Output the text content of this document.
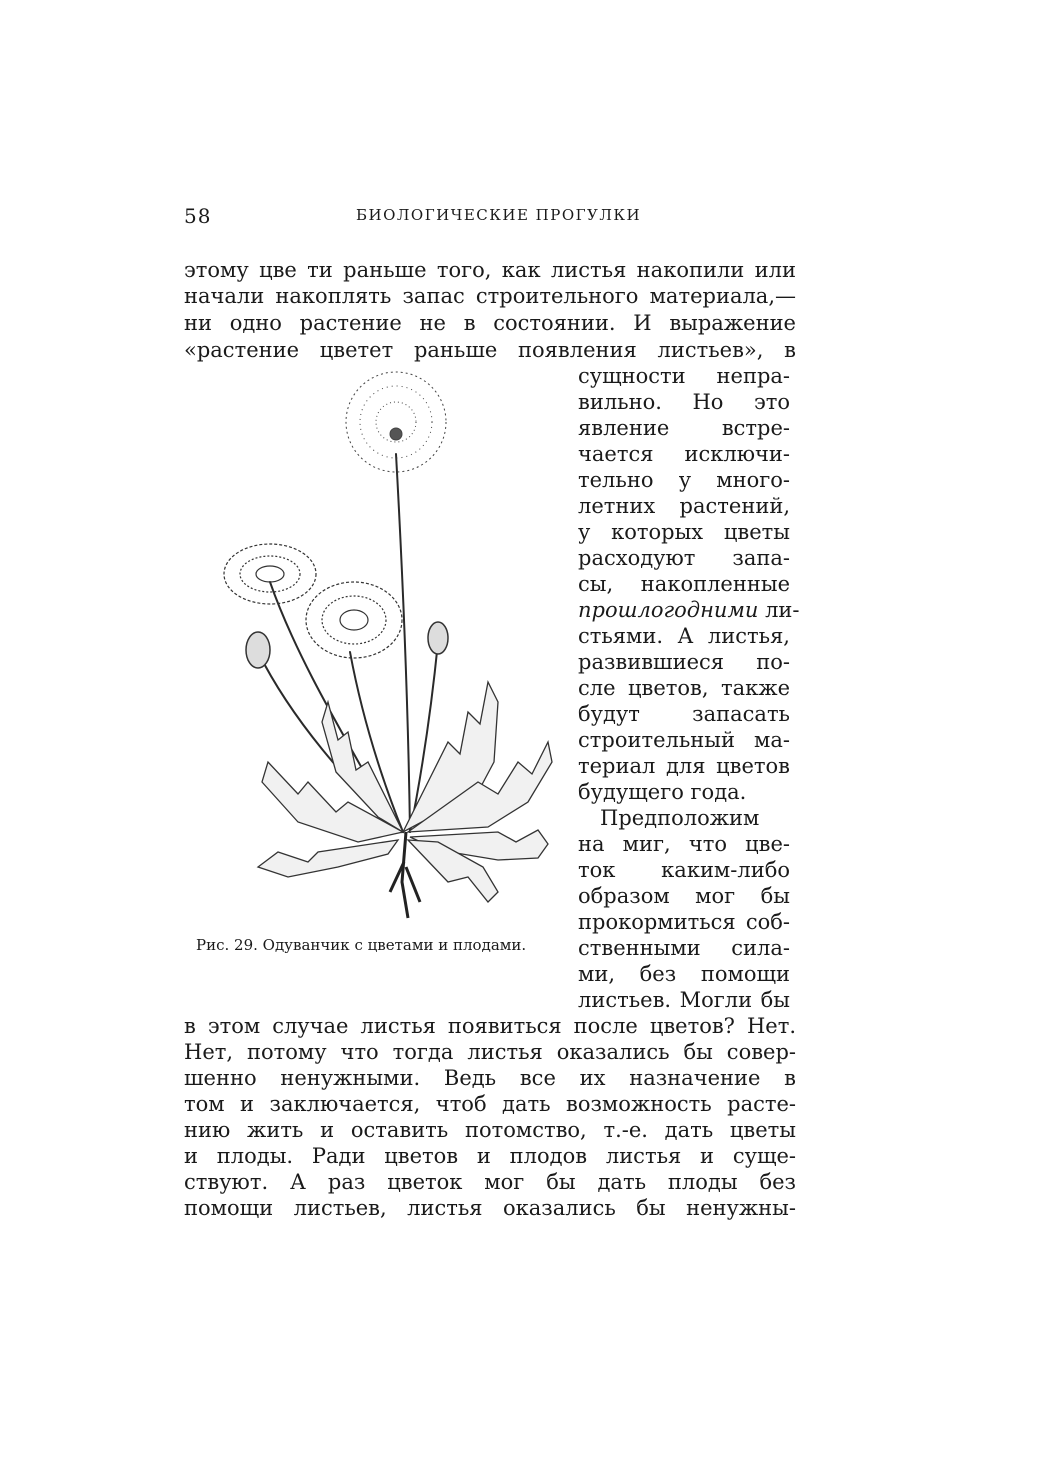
58	БИОЛОГИЧЕСКИЕ ПРОГУЛКИ
этому цве ти раньше того, как листья накопили или
начали накоплять запас строительного материала,—
ни одно растение не в состоянии. И выражение
«растение цветет раньше появления листьев», в
сущности непра-
вильно. Но это
явление встре-
чается исключи-
тельно у много-
летних растений,
у которых цветы
расходуют запа-
сы, накопленные
прошлогодними ли-
стьями. А листья,
развившиеся по-
сле цветов, также
будут запасать
строительный ма-
териал для цветов
будущего года.
Предположим
на миг, что цве-
ток каким-либо
образом мог бы
прокормиться соб-
ственными сила-
ми, без помощи
листьев. Могли бы
в этом случае листья появиться после цветов? Нет.
Нет, потому что тогда листья оказались бы совер-
шенно ненужными. Ведь все их назначение в
том и заключается, чтоб дать возможность расте-
нию жить и оставить потомство, т.-е. дать цветы
и плоды. Ради цветов и плодов листья и суще-
ствуют. А раз цветок мог бы дать плоды без
помощи листьев, листья оказались бы ненужны-
Рис. 29. Одуванчик с цветами и плодами.
